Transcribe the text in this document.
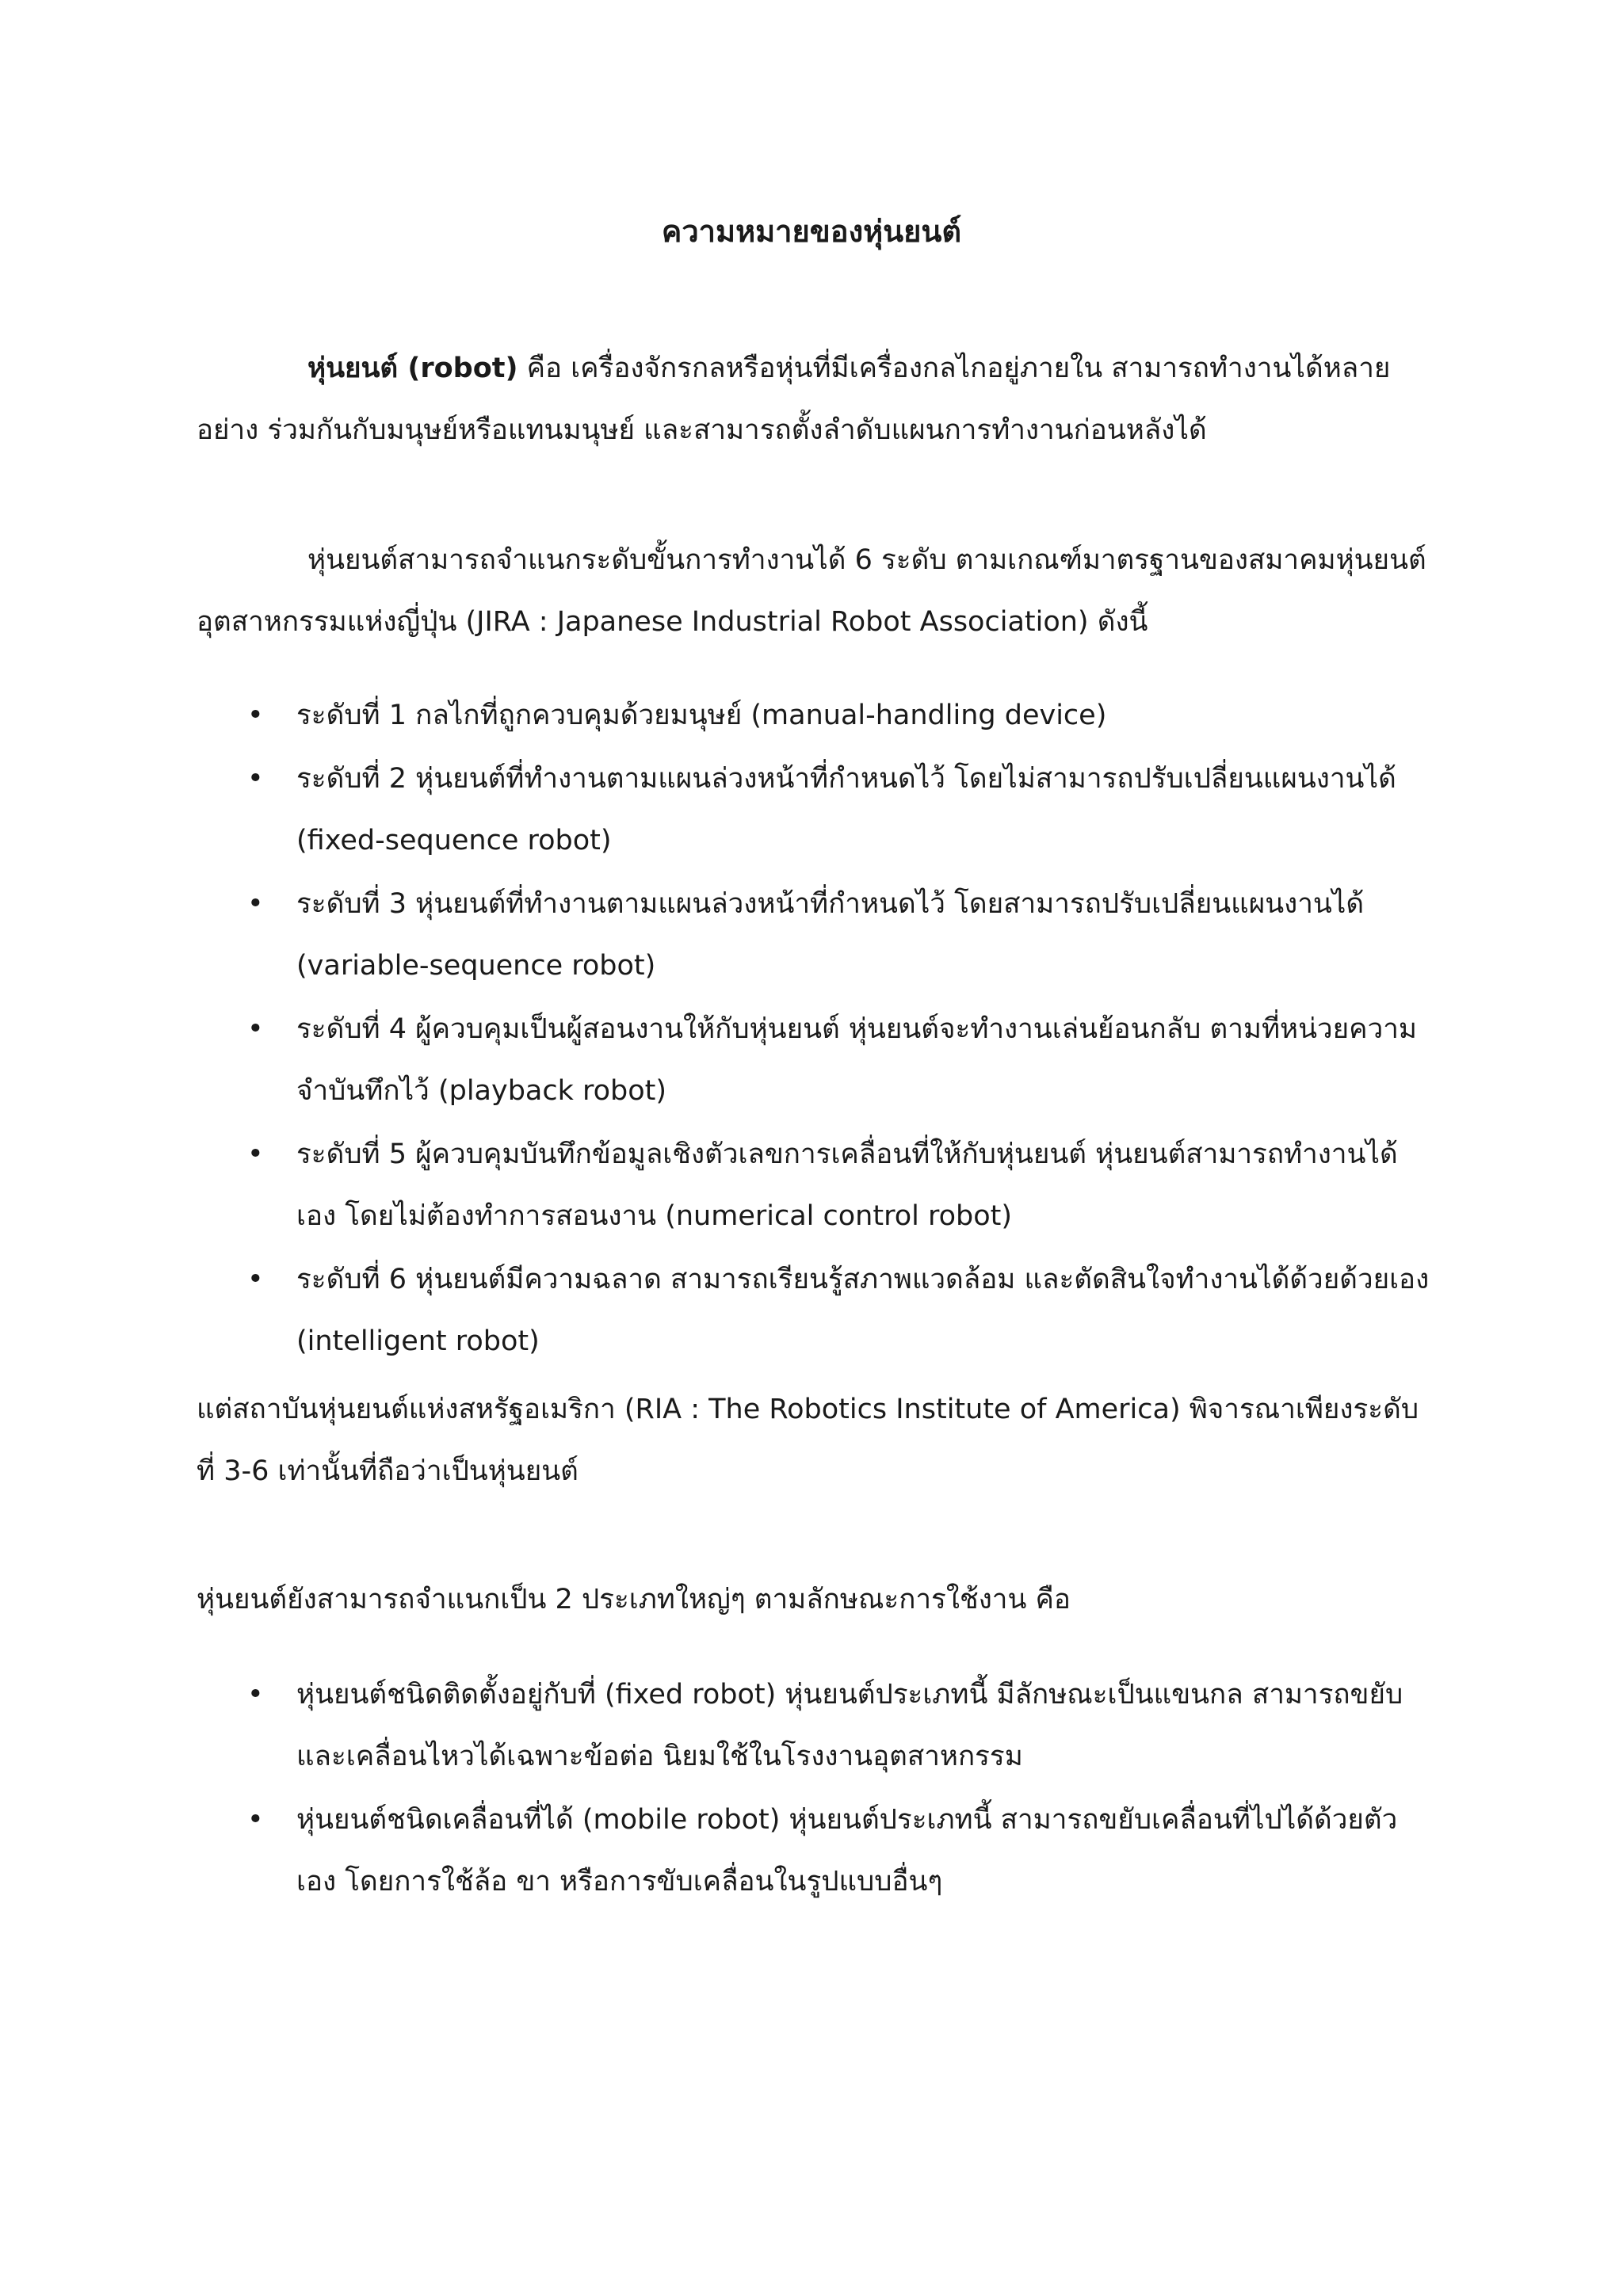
ความหมายของหุ่นยนต์

หุ่นยนต์ (robot) คือ เครื่องจักรกลหรือหุ่นที่มีเครื่องกลไกอยู่ภายใน สามารถทำงานได้หลายอย่าง ร่วมกันกับมนุษย์หรือแทนมนุษย์ และสามารถตั้งลำดับแผนการทำงานก่อนหลังได้

หุ่นยนต์สามารถจำแนกระดับขั้นการทำงานได้ 6 ระดับ ตามเกณฑ์มาตรฐานของสมาคมหุ่นยนต์อุตสาหกรรมแห่งญี่ปุ่น (JIRA : Japanese Industrial Robot Association) ดังนี้

•	ระดับที่ 1 กลไกที่ถูกควบคุมด้วยมนุษย์ (manual-handling device)
•	ระดับที่ 2 หุ่นยนต์ที่ทำงานตามแผนล่วงหน้าที่กำหนดไว้ โดยไม่สามารถปรับเปลี่ยนแผนงานได้ (fixed-sequence robot)
•	ระดับที่ 3 หุ่นยนต์ที่ทำงานตามแผนล่วงหน้าที่กำหนดไว้ โดยสามารถปรับเปลี่ยนแผนงานได้ (variable-sequence robot)
•	ระดับที่ 4 ผู้ควบคุมเป็นผู้สอนงานให้กับหุ่นยนต์ หุ่นยนต์จะทำงานเล่นย้อนกลับ ตามที่หน่วยความจำบันทึกไว้ (playback robot)
•	ระดับที่ 5 ผู้ควบคุมบันทึกข้อมูลเชิงตัวเลขการเคลื่อนที่ให้กับหุ่นยนต์ หุ่นยนต์สามารถทำงานได้เอง โดยไม่ต้องทำการสอนงาน (numerical control robot)
•	ระดับที่ 6 หุ่นยนต์มีความฉลาด สามารถเรียนรู้สภาพแวดล้อม และตัดสินใจทำงานได้ด้วยด้วยเอง (intelligent robot)

แต่สถาบันหุ่นยนต์แห่งสหรัฐอเมริกา (RIA : The Robotics Institute of America) พิจารณาเพียงระดับที่ 3-6 เท่านั้นที่ถือว่าเป็นหุ่นยนต์

หุ่นยนต์ยังสามารถจำแนกเป็น 2 ประเภทใหญ่ๆ ตามลักษณะการใช้งาน คือ

•	หุ่นยนต์ชนิดติดตั้งอยู่กับที่ (fixed robot) หุ่นยนต์ประเภทนี้ มีลักษณะเป็นแขนกล สามารถขยับและเคลื่อนไหวได้เฉพาะข้อต่อ นิยมใช้ในโรงงานอุตสาหกรรม
•	หุ่นยนต์ชนิดเคลื่อนที่ได้ (mobile robot) หุ่นยนต์ประเภทนี้ สามารถขยับเคลื่อนที่ไปได้ด้วยตัวเอง โดยการใช้ล้อ ขา หรือการขับเคลื่อนในรูปแบบอื่นๆ
